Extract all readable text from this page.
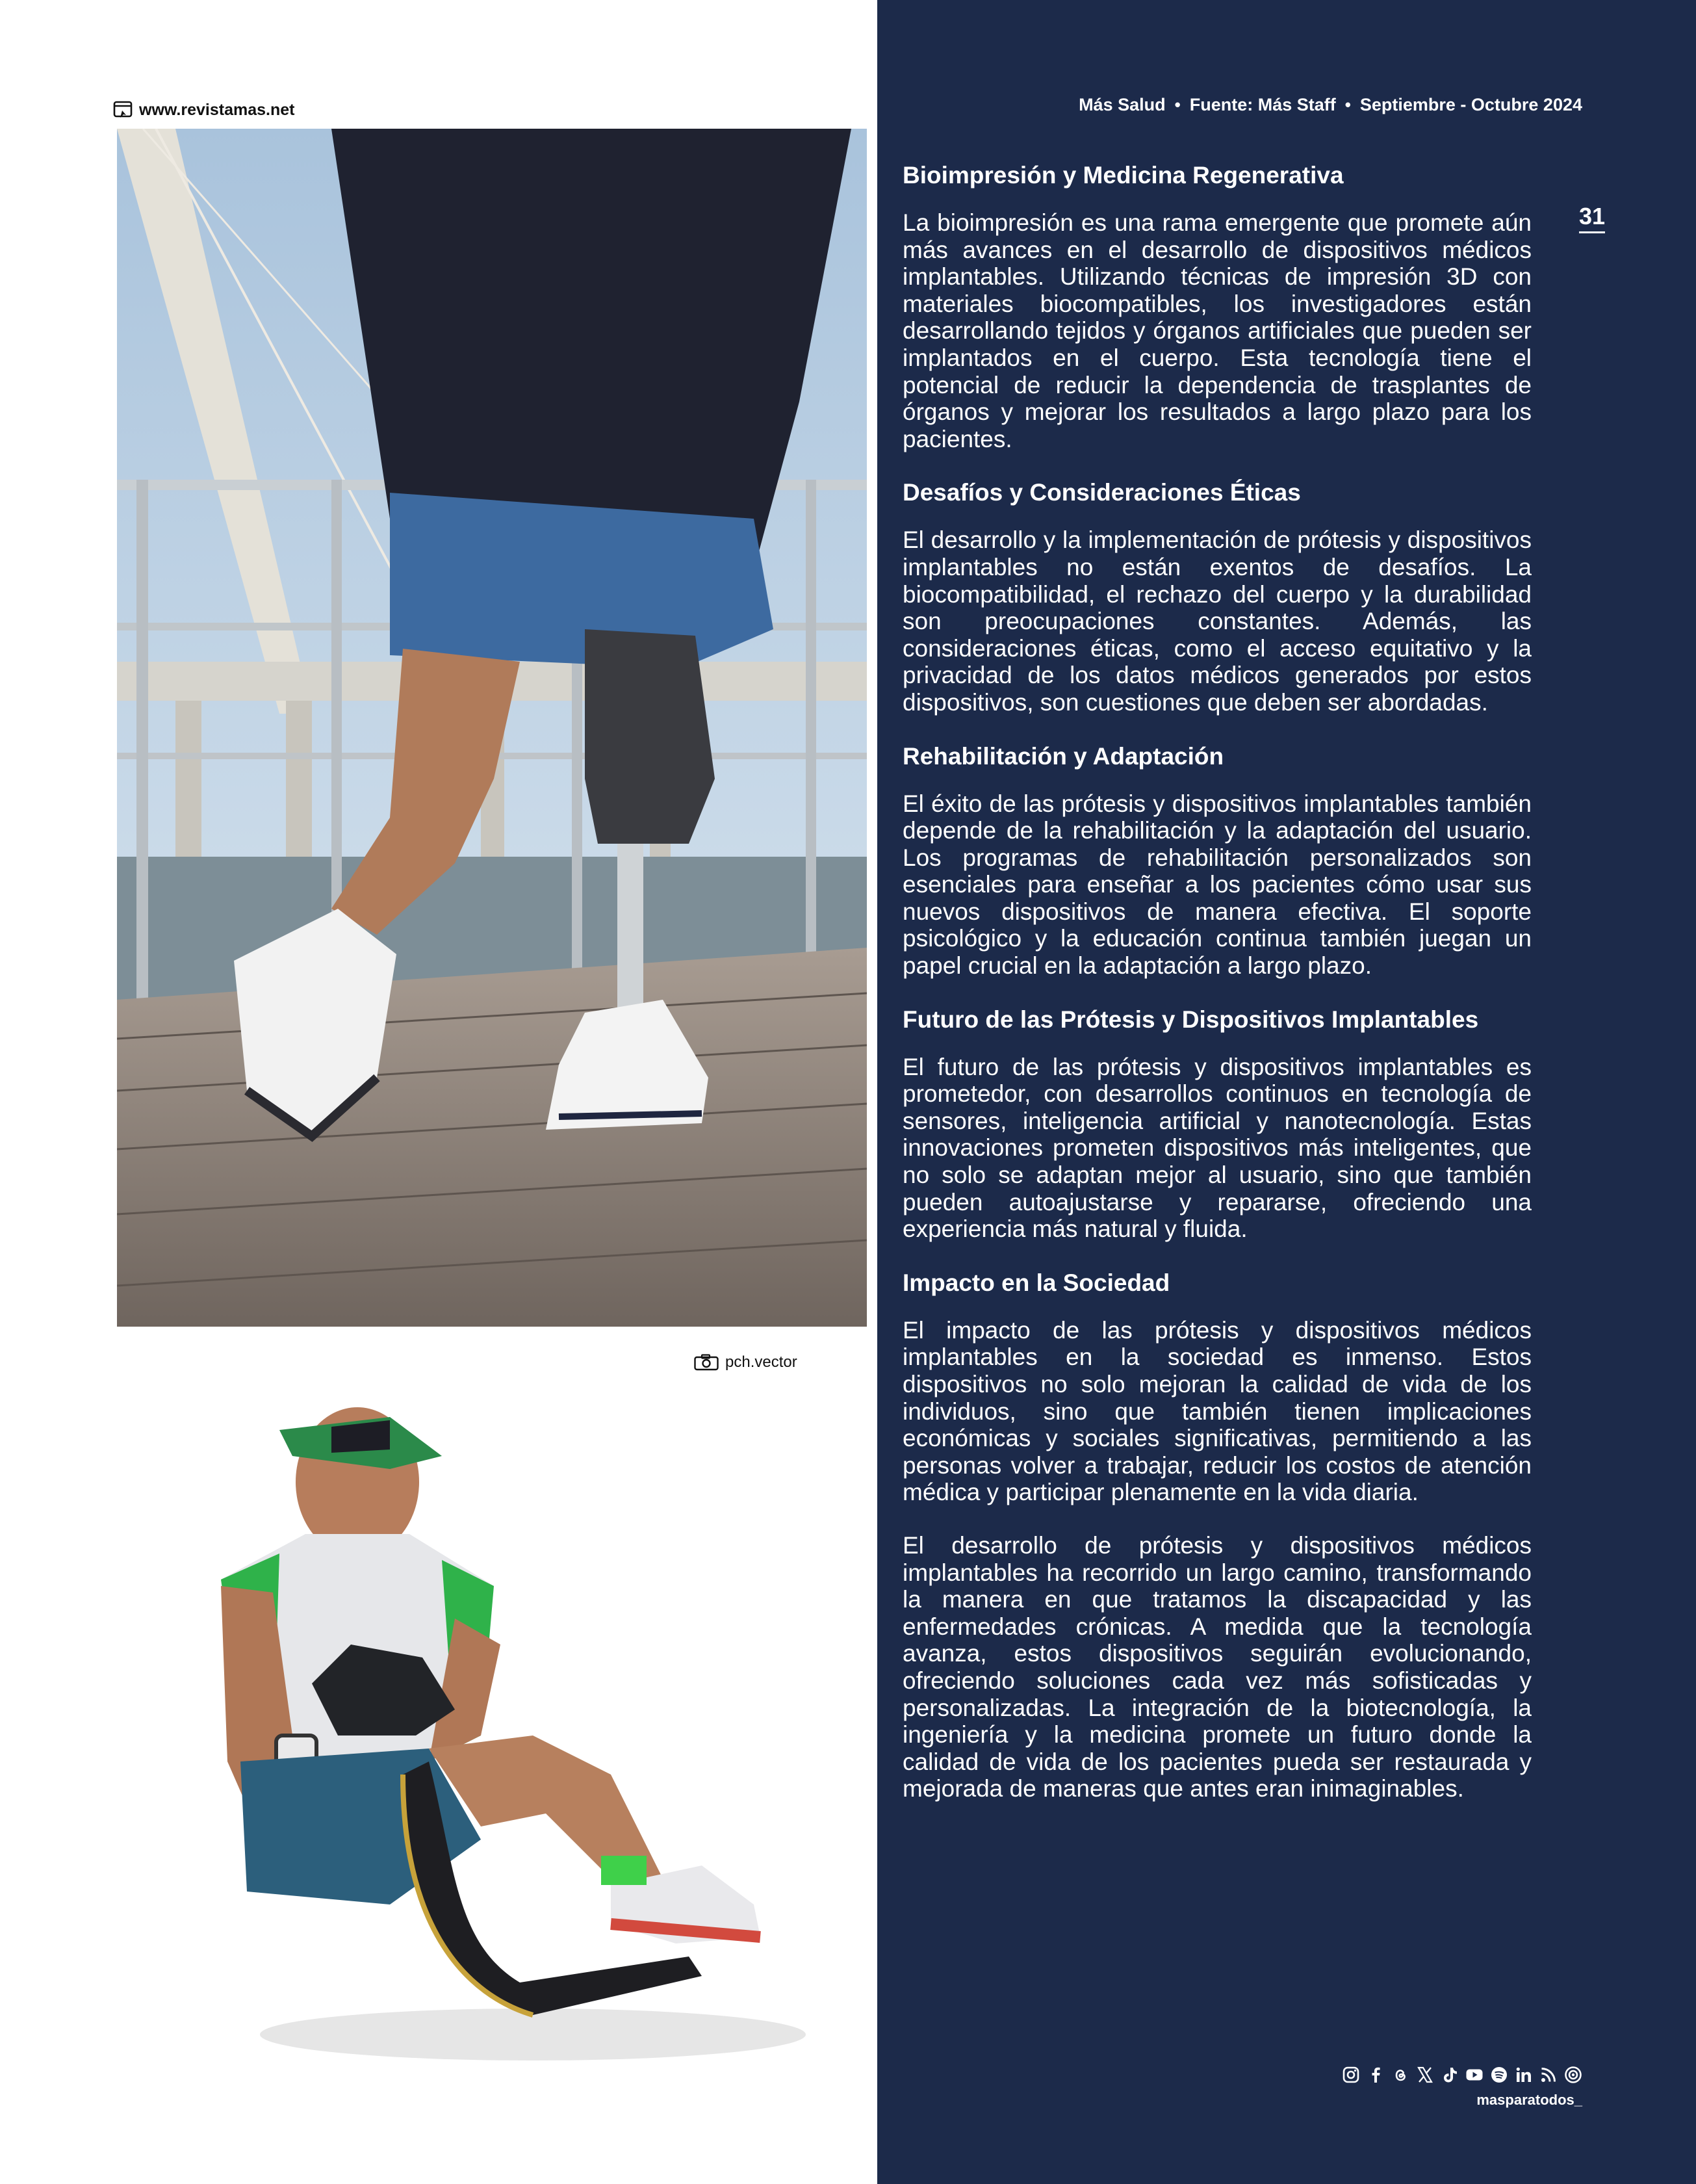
www.revistamas.net	Más Salud • Fuente: Más Staff • Septiembre - Octubre 2024
31
pch.vector
Bioimpresión y Medicina Regenerativa

La bioimpresión es una rama emergente que promete aún más avances en el desarrollo de dispositivos médicos implantables. Utilizando técnicas de impresión 3D con materiales biocompatibles, los investigadores están desarrollando tejidos y órganos artificiales que pueden ser implantados en el cuerpo. Esta tecnología tiene el potencial de reducir la dependencia de trasplantes de órganos y mejorar los resultados a largo plazo para los pacientes.

Desafíos y Consideraciones Éticas

El desarrollo y la implementación de prótesis y dispositivos implantables no están exentos de desafíos. La biocompatibilidad, el rechazo del cuerpo y la durabilidad son preocupaciones constantes. Además, las consideraciones éticas, como el acceso equitativo y la privacidad de los datos médicos generados por estos dispositivos, son cuestiones que deben ser abordadas.

Rehabilitación y Adaptación

El éxito de las prótesis y dispositivos implantables también depende de la rehabilitación y la adaptación del usuario. Los programas de rehabilitación personalizados son esenciales para enseñar a los pacientes cómo usar sus nuevos dispositivos de manera efectiva. El soporte psicológico y la educación continua también juegan un papel crucial en la adaptación a largo plazo.

Futuro de las Prótesis y Dispositivos Implantables

El futuro de las prótesis y dispositivos implantables es prometedor, con desarrollos continuos en tecnología de sensores, inteligencia artificial y nanotecnología. Estas innovaciones prometen dispositivos más inteligentes, que no solo se adaptan mejor al usuario, sino que también pueden autoajustarse y repararse, ofreciendo una experiencia más natural y fluida.

Impacto en la Sociedad

El impacto de las prótesis y dispositivos médicos implantables en la sociedad es inmenso. Estos dispositivos no solo mejoran la calidad de vida de los individuos, sino que también tienen implicaciones económicas y sociales significativas, permitiendo a las personas volver a trabajar, reducir los costos de atención médica y participar plenamente en la vida diaria.

El desarrollo de prótesis y dispositivos médicos implantables ha recorrido un largo camino, transformando la manera en que tratamos la discapacidad y las enfermedades crónicas. A medida que la tecnología avanza, estos dispositivos seguirán evolucionando, ofreciendo soluciones cada vez más sofisticadas y personalizadas. La integración de la biotecnología, la ingeniería y la medicina promete un futuro donde la calidad de vida de los pacientes pueda ser restaurada y mejorada de maneras que antes eran inimaginables.

masparatodos_
